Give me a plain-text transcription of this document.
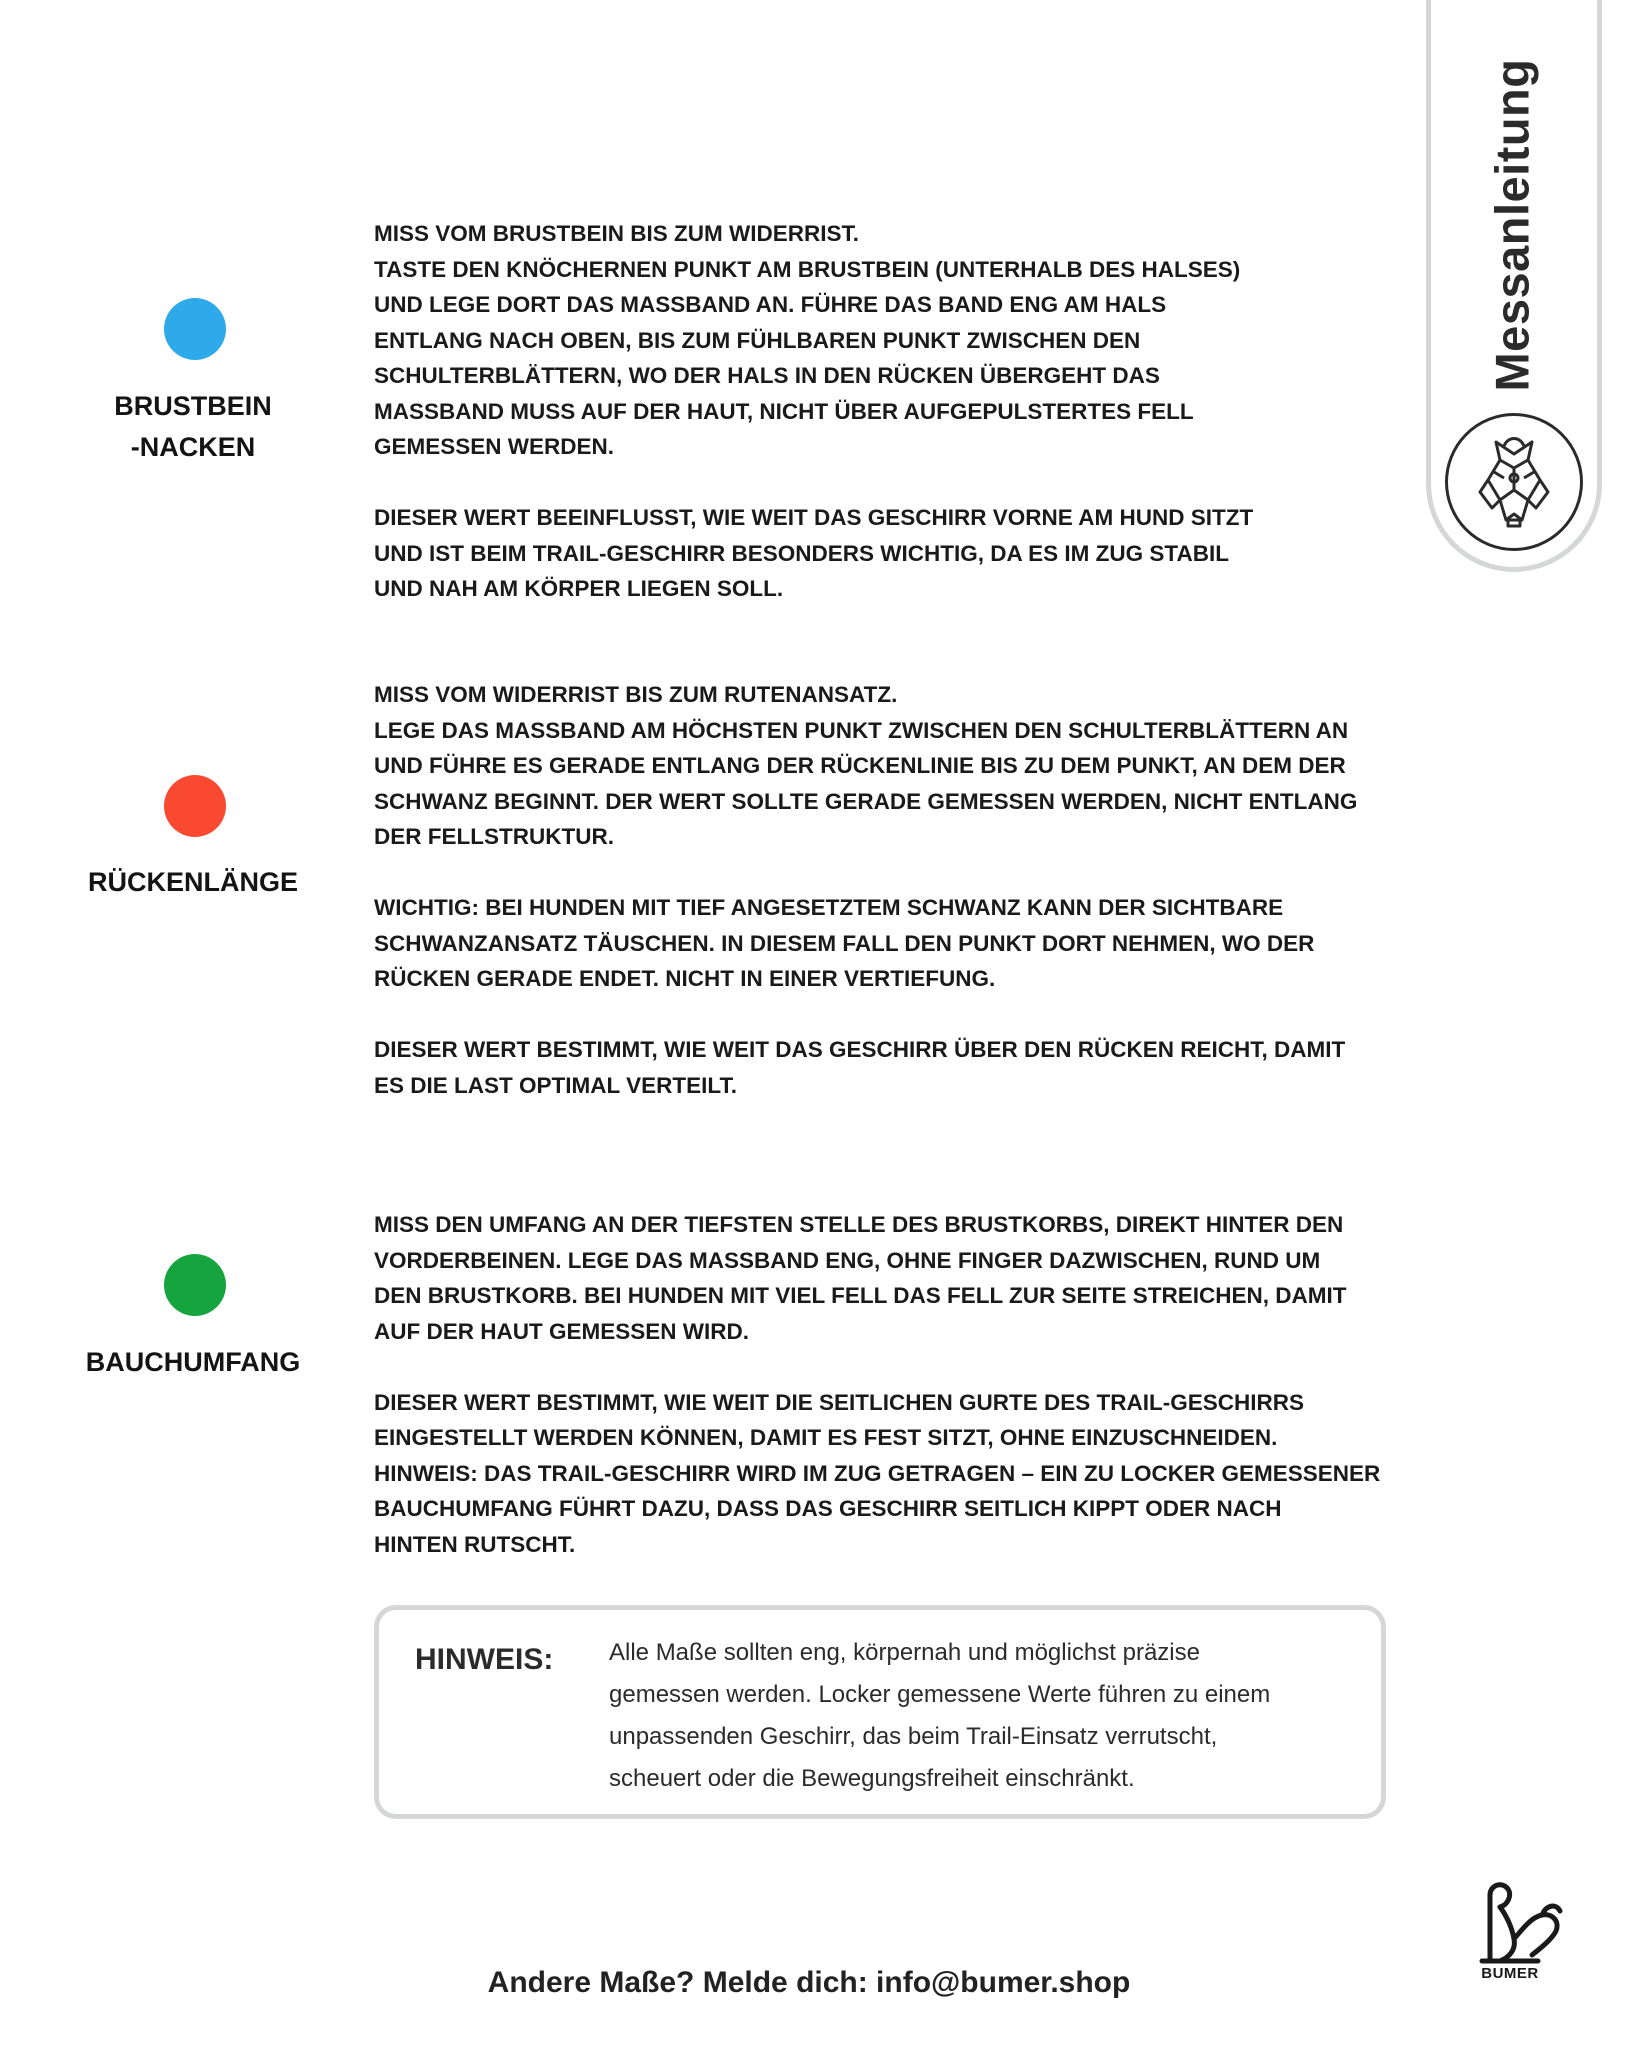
Messanleitung
BRUSTBEIN
-NACKEN

MISS VOM BRUSTBEIN BIS ZUM WIDERRIST.
TASTE DEN KNÖCHERNEN PUNKT AM BRUSTBEIN (UNTERHALB DES HALSES)
UND LEGE DORT DAS MASSBAND AN. FÜHRE DAS BAND ENG AM HALS
ENTLANG NACH OBEN, BIS ZUM FÜHLBAREN PUNKT ZWISCHEN DEN
SCHULTERBLÄTTERN, WO DER HALS IN DEN RÜCKEN ÜBERGEHT DAS
MASSBAND MUSS AUF DER HAUT, NICHT ÜBER AUFGEPULSTERTES FELL
GEMESSEN WERDEN.

DIESER WERT BEEINFLUSST, WIE WEIT DAS GESCHIRR VORNE AM HUND SITZT
UND IST BEIM TRAIL-GESCHIRR BESONDERS WICHTIG, DA ES IM ZUG STABIL
UND NAH AM KÖRPER LIEGEN SOLL.

RÜCKENLÄNGE

MISS VOM WIDERRIST BIS ZUM RUTENANSATZ.
LEGE DAS MASSBAND AM HÖCHSTEN PUNKT ZWISCHEN DEN SCHULTERBLÄTTERN AN
UND FÜHRE ES GERADE ENTLANG DER RÜCKENLINIE BIS ZU DEM PUNKT, AN DEM DER
SCHWANZ BEGINNT. DER WERT SOLLTE GERADE GEMESSEN WERDEN, NICHT ENTLANG
DER FELLSTRUKTUR.

WICHTIG: BEI HUNDEN MIT TIEF ANGESETZTEM SCHWANZ KANN DER SICHTBARE
SCHWANZANSATZ TÄUSCHEN. IN DIESEM FALL DEN PUNKT DORT NEHMEN, WO DER
RÜCKEN GERADE ENDET. NICHT IN EINER VERTIEFUNG.

DIESER WERT BESTIMMT, WIE WEIT DAS GESCHIRR ÜBER DEN RÜCKEN REICHT, DAMIT
ES DIE LAST OPTIMAL VERTEILT.

BAUCHUMFANG

MISS DEN UMFANG AN DER TIEFSTEN STELLE DES BRUSTKORBS, DIREKT HINTER DEN
VORDERBEINEN. LEGE DAS MASSBAND ENG, OHNE FINGER DAZWISCHEN, RUND UM
DEN BRUSTKORB. BEI HUNDEN MIT VIEL FELL DAS FELL ZUR SEITE STREICHEN, DAMIT
AUF DER HAUT GEMESSEN WIRD.

DIESER WERT BESTIMMT, WIE WEIT DIE SEITLICHEN GURTE DES TRAIL-GESCHIRRS
EINGESTELLT WERDEN KÖNNEN, DAMIT ES FEST SITZT, OHNE EINZUSCHNEIDEN.
HINWEIS: DAS TRAIL-GESCHIRR WIRD IM ZUG GETRAGEN – EIN ZU LOCKER GEMESSENER
BAUCHUMFANG FÜHRT DAZU, DASS DAS GESCHIRR SEITLICH KIPPT ODER NACH
HINTEN RUTSCHT.

HINWEIS: Alle Maße sollten eng, körpernah und möglichst präzise
gemessen werden. Locker gemessene Werte führen zu einem
unpassenden Geschirr, das beim Trail-Einsatz verrutscht,
scheuert oder die Bewegungsfreiheit einschränkt.
BUMER
Andere Maße? Melde dich: info@bumer.shop
